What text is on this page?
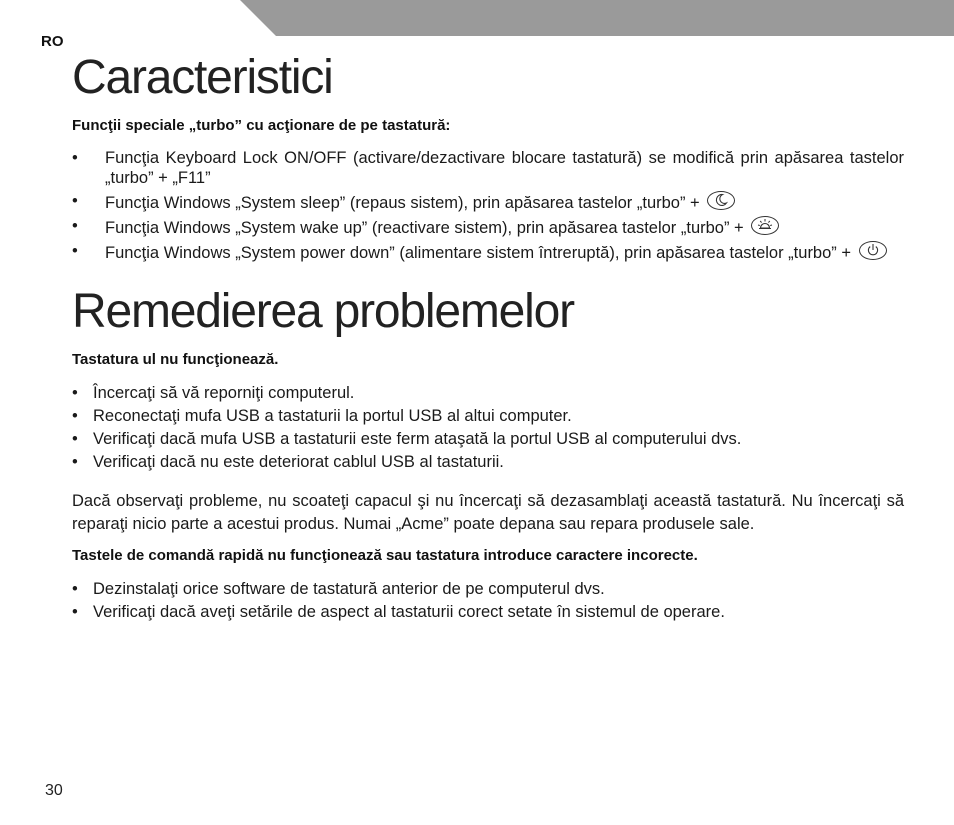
RO
Caracteristici
Funcţii speciale „turbo” cu acţionare de pe tastatură:
• Funcţia Keyboard Lock ON/OFF (activare/dezactivare blocare tastatură) se modifică prin apăsarea tastelor „turbo” + „F11”
• Funcţia Windows „System sleep” (repaus sistem), prin apăsarea tastelor „turbo” +
• Funcţia Windows „System wake up” (reactivare sistem), prin apăsarea tastelor „turbo” +
• Funcţia Windows „System power down” (alimentare sistem întreruptă), prin apăsarea tastelor „turbo” +
Remedierea problemelor
Tastatura ul nu funcţionează.
• Încercaţi să vă reporniţi computerul.
• Reconectaţi mufa USB a tastaturii la portul USB al altui computer.
• Verificaţi dacă mufa USB a tastaturii este ferm ataşată la portul USB al computerului dvs.
• Verificaţi dacă nu este deteriorat cablul USB al tastaturii.

Dacă observaţi probleme, nu scoateţi capacul şi nu încercaţi să dezasamblaţi această tastatură. Nu încercaţi să reparaţi nicio parte a acestui produs. Numai „Acme” poate depana sau repara produsele sale.

Tastele de comandă rapidă nu funcţionează sau tastatura introduce caractere incorecte.
• Dezinstalaţi orice software de tastatură anterior de pe computerul dvs.
• Verificaţi dacă aveţi setările de aspect al tastaturii corect setate în sistemul de operare.
30
